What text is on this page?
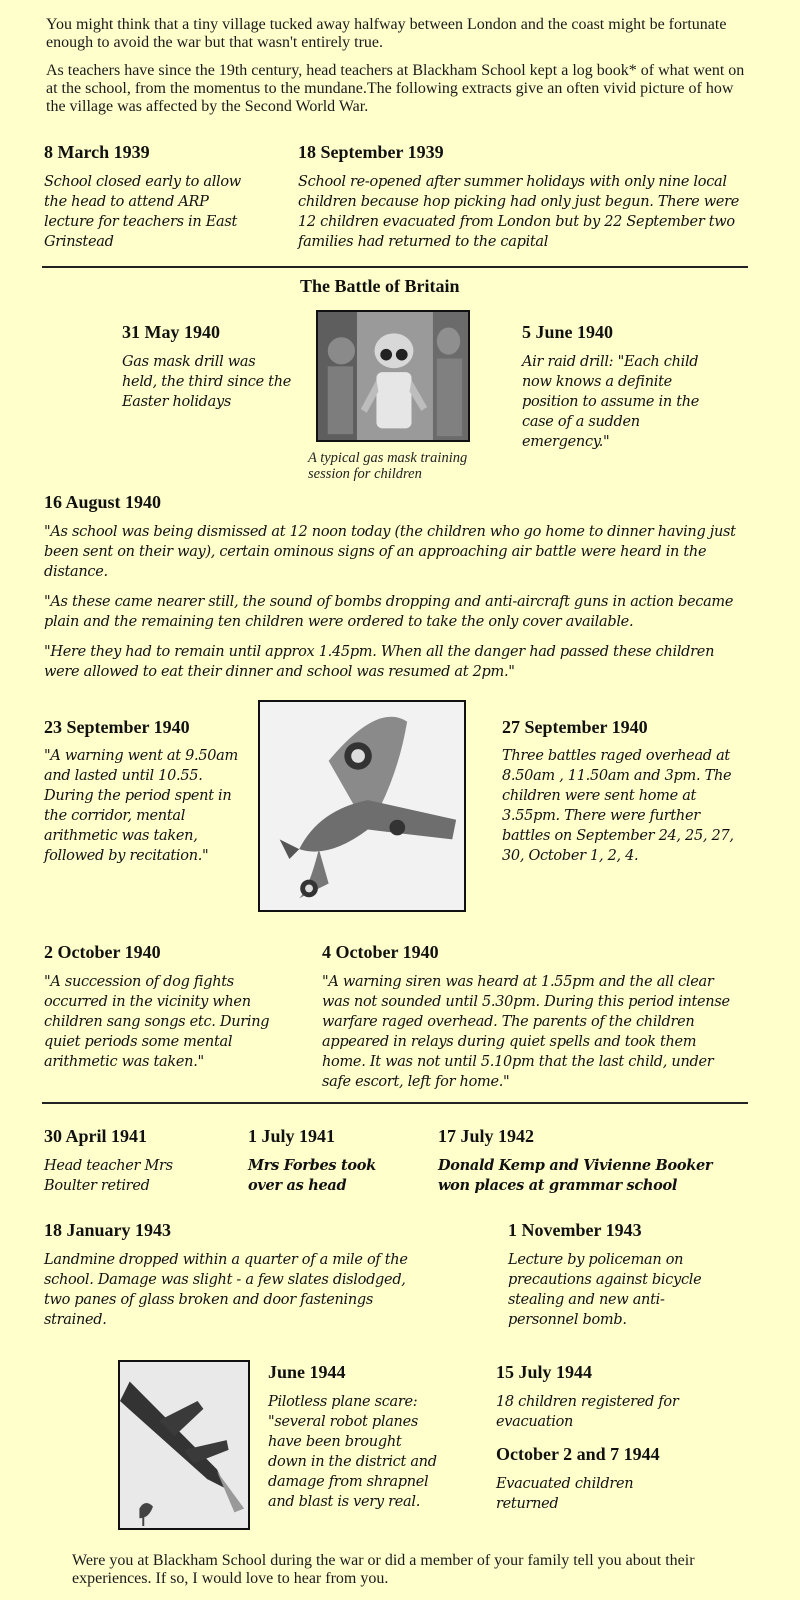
You might think that a tiny village tucked away halfway between London and the coast might be fortunate enough to avoid the war but that wasn't entirely true.
As teachers have since the 19th century, head teachers at Blackham School kept a log book* of what went on at the school, from the momentus to the mundane.The following extracts give an often vivid picture of how the village was affected by the Second World War.
8 March 1939
School closed early to allow the head to attend ARP lecture for teachers in East Grinstead
18 September 1939
School re-opened after summer holidays with only nine local children because hop picking had only just begun. There were 12 children evacuated from London but by 22 September two families had returned to the capital
The Battle of Britain
31 May 1940
Gas mask drill was held, the third since the Easter holidays
A typical gas mask training session for children
5 June 1940
Air raid drill: "Each child now knows a definite position to assume in the case of a sudden emergency."
16 August 1940
"As school was being dismissed at 12 noon today (the children who go home to dinner having just been sent on their way), certain ominous signs of an approaching air battle were heard in the distance.
"As these came nearer still, the sound of bombs dropping and anti-aircraft guns in action became plain and the remaining ten children were ordered to take the only cover available.
"Here they had to remain until approx 1.45pm. When all the danger had passed these children were allowed to eat their dinner and school was resumed at 2pm."
23 September 1940
"A warning went at 9.50am and lasted until 10.55. During the period spent in the corridor, mental arithmetic was taken, followed by recitation."
27 September 1940
Three battles raged overhead at 8.50am , 11.50am and 3pm. The children were sent home at 3.55pm. There were further battles on September 24, 25, 27, 30, October 1, 2, 4.
2 October 1940
"A succession of dog fights occurred in the vicinity when children sang songs etc. During quiet periods some mental arithmetic was taken."
4 October 1940
"A warning siren was heard at 1.55pm and the all clear was not sounded until 5.30pm. During this period intense warfare raged overhead. The parents of the children appeared in relays during quiet spells and took them home. It was not until 5.10pm that the last child, under safe escort, left for home."
30 April 1941
Head teacher Mrs Boulter retired
1 July 1941
Mrs Forbes took over as head
17 July 1942
Donald Kemp and Vivienne Booker won places at grammar school
18 January 1943
Landmine dropped within a quarter of a mile of the school. Damage was slight - a few slates dislodged, two panes of glass broken and door fastenings strained.
1 November 1943
Lecture by policeman on precautions against bicycle stealing and new anti-personnel bomb.
June 1944
Pilotless plane scare: "several robot planes have been brought down in the district and damage from shrapnel and blast is very real.
15 July 1944
18 children registered for evacuation
October 2 and 7 1944
Evacuated children returned
Were you at Blackham School during the war or did a member of your family tell you about their experiences. If so, I would love to hear from you.
